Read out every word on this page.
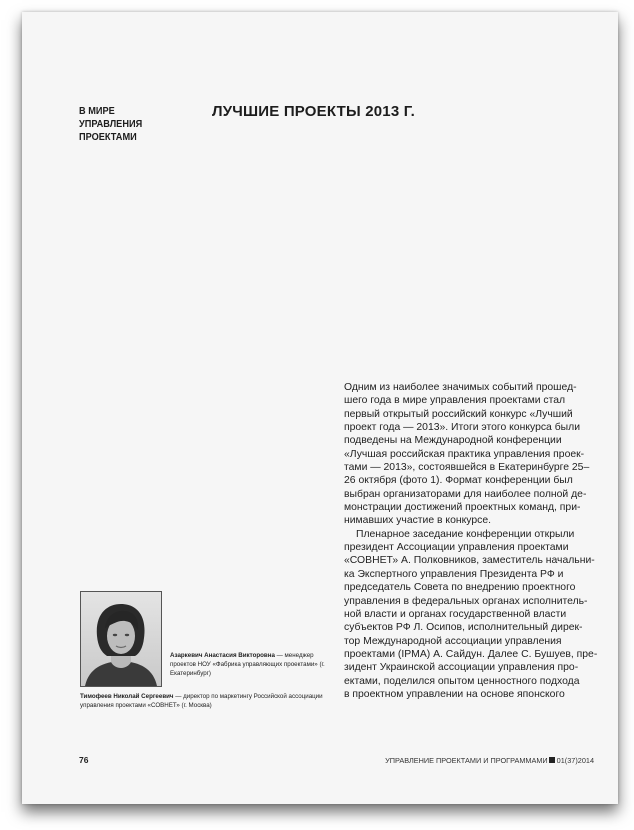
В МИРЕ УПРАВЛЕНИЯ
ПРОЕКТАМИ
ЛУЧШИЕ ПРОЕКТЫ 2013 Г.

Одним из наиболее значимых событий прошед-
шего года в мире управления проектами стал
первый открытый российский конкурс «Лучший
проект года — 2013». Итоги этого конкурса были
подведены на Международной конференции
«Лучшая российская практика управления проек-
тами — 2013», состоявшейся в Екатеринбурге 25–
26 октября (фото 1). Формат конференции был
выбран организаторами для наиболее полной де-
монстрации достижений проектных команд, при-
нимавших участие в конкурсе.

Пленарное заседание конференции открыли
президент Ассоциации управления проектами
«СОВНЕТ» А. Полковников, заместитель начальни-
ка Экспертного управления Президента РФ и
председатель Совета по внедрению проектного
управления в федеральных органах исполнитель-
ной власти и органах государственной власти
субъектов РФ Л. Осипов, исполнительный дирек-
тор Международной ассоциации управления
проектами (IPMA) А. Сайдун. Далее С. Бушуев, пре-
зидент Украинской ассоциации управления про-
ектами, поделился опытом ценностного подхода
в проектном управлении на основе японского

Азаркевич Анастасия Викторовна — менеджер проектов НОУ «Фабрика управляющих проектами» (г. Екатеринбург)
Тимофеев Николай Сергеевич — директор по маркетингу Российской ассоциации управления проектами «СОВНЕТ» (г. Москва)
76	УПРАВЛЕНИЕ ПРОЕКТАМИ И ПРОГРАММАМИ 01(37)2014
